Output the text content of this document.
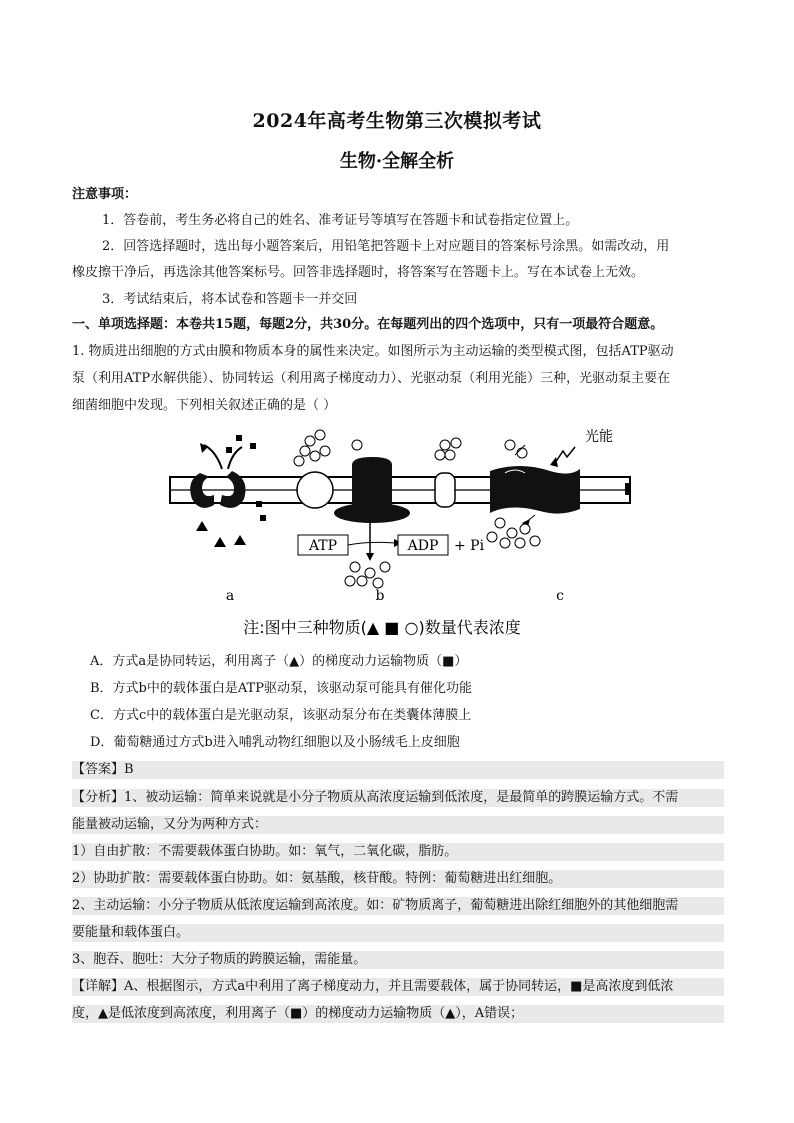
2024年高考生物第三次模拟考试
生物·全解全析
注意事项：
1．答卷前，考生务必将自己的姓名、准考证号等填写在答题卡和试卷指定位置上。
2．回答选择题时，选出每小题答案后，用铅笔把答题卡上对应题目的答案标号涂黑。如需改动，用
橡皮擦干净后，再选涂其他答案标号。回答非选择题时，将答案写在答题卡上。写在本试卷上无效。
3．考试结束后，将本试卷和答题卡一并交回
一、单项选择题：本卷共15题，每题2分，共30分。在每题列出的四个选项中，只有一项最符合题意。
1. 物质进出细胞的方式由膜和物质本身的属性来决定。如图所示为主动运输的类型模式图，包括ATP驱动
泵（利用ATP水解供能）、协同转运（利用离子梯度动力）、光驱动泵（利用光能）三种，光驱动泵主要在
细菌细胞中发现。下列相关叙述正确的是（ ）
ATP	ADP + Pi
光能
a	b	c
注:图中三种物质(▲ ■ ○)数量代表浓度
A．方式a是协同转运，利用离子（▲）的梯度动力运输物质（■）
B．方式b中的载体蛋白是ATP驱动泵，该驱动泵可能具有催化功能
C．方式c中的载体蛋白是光驱动泵，该驱动泵分布在类囊体薄膜上
D．葡萄糖通过方式b进入哺乳动物红细胞以及小肠绒毛上皮细胞
【答案】B
【分析】1、被动运输：简单来说就是小分子物质从高浓度运输到低浓度，是最简单的跨膜运输方式。不需
能量被动运输，又分为两种方式：
1）自由扩散：不需要载体蛋白协助。如：氧气，二氧化碳，脂肪。
2）协助扩散：需要载体蛋白协助。如：氨基酸，核苷酸。特例：葡萄糖进出红细胞。
2、主动运输：小分子物质从低浓度运输到高浓度。如：矿物质离子，葡萄糖进出除红细胞外的其他细胞需
要能量和载体蛋白。
3、胞吞、胞吐：大分子物质的跨膜运输，需能量。
【详解】A、根据图示，方式a中利用了离子梯度动力，并且需要载体，属于协同转运，■是高浓度到低浓
度，▲是低浓度到高浓度，利用离子（■）的梯度动力运输物质（▲），A错误；
